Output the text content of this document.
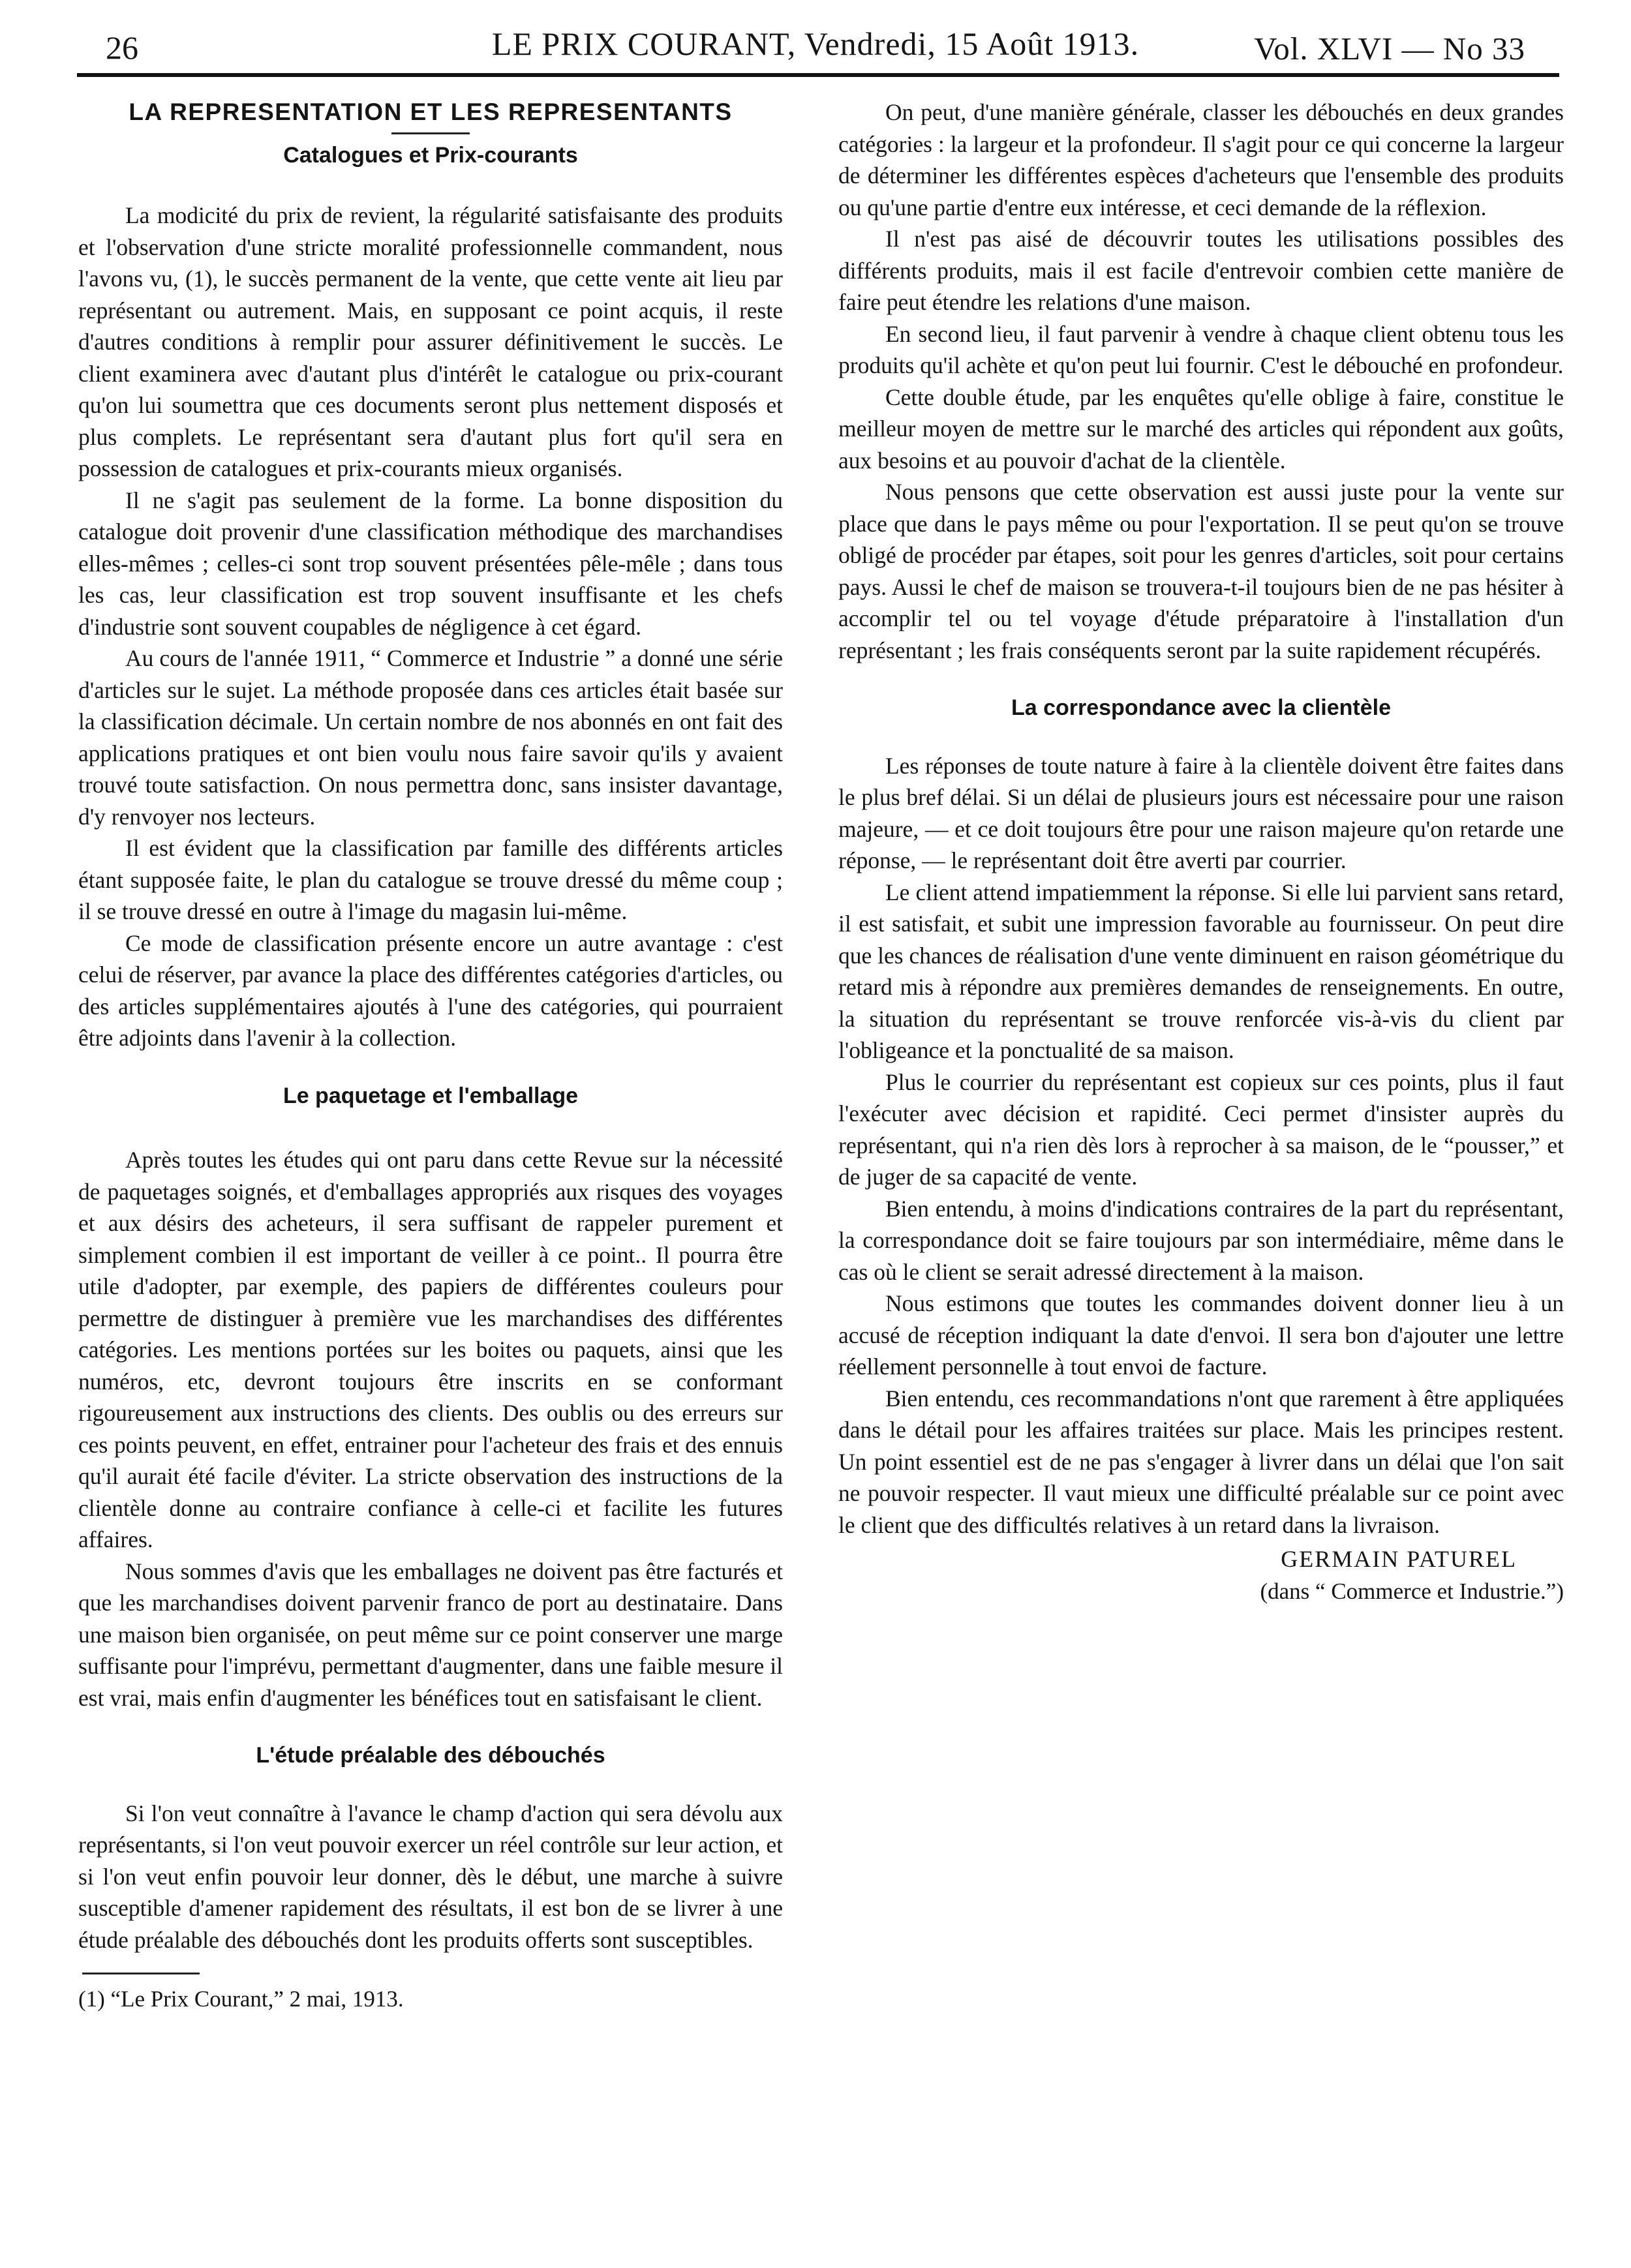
26	LE PRIX COURANT, Vendredi, 15 Août 1913.	Vol. XLVI — No 33
LA REPRESENTATION ET LES REPRESENTANTS
Catalogues et Prix-courants

La modicité du prix de revient, la régularité satisfaisante des produits et l'observation d'une stricte moralité professionnelle commandent, nous l'avons vu, (1), le succès permanent de la vente, que cette vente ait lieu par représentant ou autrement. Mais, en supposant ce point acquis, il reste d'autres conditions à remplir pour assurer définitivement le succès. Le client examinera avec d'autant plus d'intérêt le catalogue ou prix-courant qu'on lui soumettra que ces documents seront plus nettement disposés et plus complets. Le représentant sera d'autant plus fort qu'il sera en possession de catalogues et prix-courants mieux organisés.

Il ne s'agit pas seulement de la forme. La bonne disposition du catalogue doit provenir d'une classification méthodique des marchandises elles-mêmes ; celles-ci sont trop souvent présentées pêle-mêle ; dans tous les cas, leur classification est trop souvent insuffisante et les chefs d'industrie sont souvent coupables de négligence à cet égard.

Au cours de l'année 1911, “ Commerce et Industrie ” a donné une série d'articles sur le sujet. La méthode proposée dans ces articles était basée sur la classification décimale. Un certain nombre de nos abonnés en ont fait des applications pratiques et ont bien voulu nous faire savoir qu'ils y avaient trouvé toute satisfaction. On nous permettra donc, sans insister davantage, d'y renvoyer nos lecteurs.

Il est évident que la classification par famille des différents articles étant supposée faite, le plan du catalogue se trouve dressé du même coup ; il se trouve dressé en outre à l'image du magasin lui-même.

Ce mode de classification présente encore un autre avantage : c'est celui de réserver, par avance la place des différentes catégories d'articles, ou des articles supplémentaires ajoutés à l'une des catégories, qui pourraient être adjoints dans l'avenir à la collection.

Le paquetage et l'emballage

Après toutes les études qui ont paru dans cette Revue sur la nécessité de paquetages soignés, et d'emballages appropriés aux risques des voyages et aux désirs des acheteurs, il sera suffisant de rappeler purement et simplement combien il est important de veiller à ce point.. Il pourra être utile d'adopter, par exemple, des papiers de différentes couleurs pour permettre de distinguer à première vue les marchandises des différentes catégories. Les mentions portées sur les boites ou paquets, ainsi que les numéros, etc, devront toujours être inscrits en se conformant rigoureusement aux instructions des clients. Des oublis ou des erreurs sur ces points peuvent, en effet, entrainer pour l'acheteur des frais et des ennuis qu'il aurait été facile d'éviter. La stricte observation des instructions de la clientèle donne au contraire confiance à celle-ci et facilite les futures affaires.

Nous sommes d'avis que les emballages ne doivent pas être facturés et que les marchandises doivent parvenir franco de port au destinataire. Dans une maison bien organisée, on peut même sur ce point conserver une marge suffisante pour l'imprévu, permettant d'augmenter, dans une faible mesure il est vrai, mais enfin d'augmenter les bénéfices tout en satisfaisant le client.

L'étude préalable des débouchés

Si l'on veut connaître à l'avance le champ d'action qui sera dévolu aux représentants, si l'on veut pouvoir exercer un réel contrôle sur leur action, et si l'on veut enfin pouvoir leur donner, dès le début, une marche à suivre susceptible d'amener rapidement des résultats, il est bon de se livrer à une étude préalable des débouchés dont les produits offerts sont susceptibles.

(1) “Le Prix Courant,” 2 mai, 1913.

On peut, d'une manière générale, classer les débouchés en deux grandes catégories : la largeur et la profondeur. Il s'agit pour ce qui concerne la largeur de déterminer les différentes espèces d'acheteurs que l'ensemble des produits ou qu'une partie d'entre eux intéresse, et ceci demande de la réflexion.

Il n'est pas aisé de découvrir toutes les utilisations possibles des différents produits, mais il est facile d'entrevoir combien cette manière de faire peut étendre les relations d'une maison.

En second lieu, il faut parvenir à vendre à chaque client obtenu tous les produits qu'il achète et qu'on peut lui fournir. C'est le débouché en profondeur.

Cette double étude, par les enquêtes qu'elle oblige à faire, constitue le meilleur moyen de mettre sur le marché des articles qui répondent aux goûts, aux besoins et au pouvoir d'achat de la clientèle.

Nous pensons que cette observation est aussi juste pour la vente sur place que dans le pays même ou pour l'exportation. Il se peut qu'on se trouve obligé de procéder par étapes, soit pour les genres d'articles, soit pour certains pays. Aussi le chef de maison se trouvera-t-il toujours bien de ne pas hésiter à accomplir tel ou tel voyage d'étude préparatoire à l'installation d'un représentant ; les frais conséquents seront par la suite rapidement récupérés.

La correspondance avec la clientèle

Les réponses de toute nature à faire à la clientèle doivent être faites dans le plus bref délai. Si un délai de plusieurs jours est nécessaire pour une raison majeure, — et ce doit toujours être pour une raison majeure qu'on retarde une réponse, — le représentant doit être averti par courrier.

Le client attend impatiemment la réponse. Si elle lui parvient sans retard, il est satisfait, et subit une impression favorable au fournisseur. On peut dire que les chances de réalisation d'une vente diminuent en raison géométrique du retard mis à répondre aux premières demandes de renseignements. En outre, la situation du représentant se trouve renforcée vis-à-vis du client par l'obligeance et la ponctualité de sa maison.

Plus le courrier du représentant est copieux sur ces points, plus il faut l'exécuter avec décision et rapidité. Ceci permet d'insister auprès du représentant, qui n'a rien dès lors à reprocher à sa maison, de le “pousser,” et de juger de sa capacité de vente.

Bien entendu, à moins d'indications contraires de la part du représentant, la correspondance doit se faire toujours par son intermédiaire, même dans le cas où le client se serait adressé directement à la maison.

Nous estimons que toutes les commandes doivent donner lieu à un accusé de réception indiquant la date d'envoi. Il sera bon d'ajouter une lettre réellement personnelle à tout envoi de facture.

Bien entendu, ces recommandations n'ont que rarement à être appliquées dans le détail pour les affaires traitées sur place. Mais les principes restent. Un point essentiel est de ne pas s'engager à livrer dans un délai que l'on sait ne pouvoir respecter. Il vaut mieux une difficulté préalable sur ce point avec le client que des difficultés relatives à un retard dans la livraison.

GERMAIN PATUREL
(dans “ Commerce et Industrie.”)
